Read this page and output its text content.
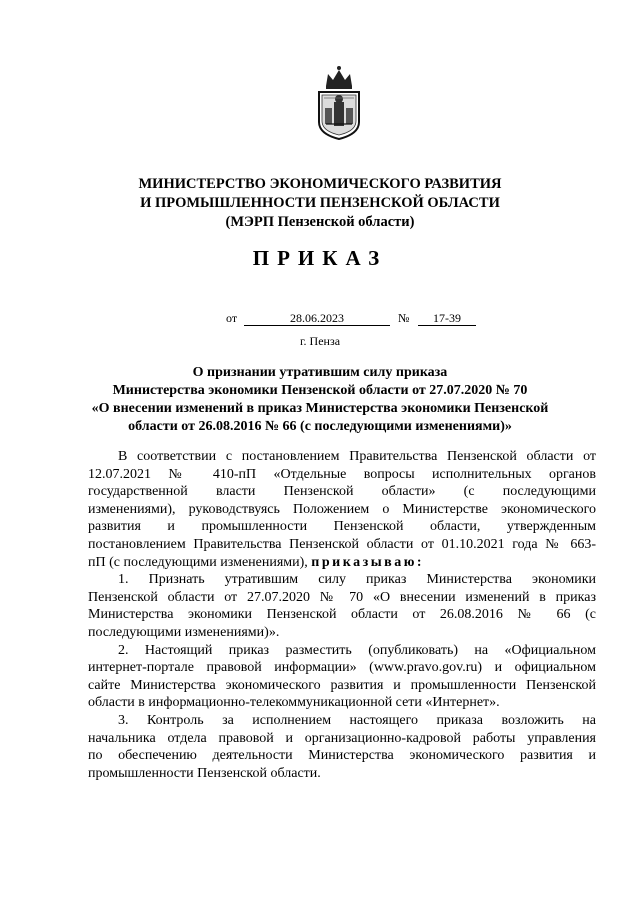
МИНИСТЕРСТВО ЭКОНОМИЧЕСКОГО РАЗВИТИЯ
И ПРОМЫШЛЕННОСТИ ПЕНЗЕНСКОЙ ОБЛАСТИ
(МЭРП Пензенской области)
ПРИКАЗ
от	28.06.2023	№	17-39
г. Пенза
О признании утратившим силу приказа
Министерства экономики Пензенской области от 27.07.2020 № 70
«О внесении изменений в приказ Министерства экономики Пензенской
области от 26.08.2016 № 66 (с последующими изменениями)»
В соответствии с постановлением Правительства Пензенской области от
12.07.2021 № 410-пП «Отдельные вопросы исполнительных органов
государственной власти Пензенской области» (с последующими
изменениями), руководствуясь Положением о Министерстве экономического
развития и промышленности Пензенской области, утвержденным
постановлением Правительства Пензенской области от 01.10.2021 года № 663-
пП (с последующими изменениями), приказываю:
1. Признать утратившим силу приказ Министерства экономики
Пензенской области от 27.07.2020 № 70 «О внесении изменений в приказ
Министерства экономики Пензенской области от 26.08.2016 № 66 (с
последующими изменениями)».
2. Настоящий приказ разместить (опубликовать) на «Официальном
интернет-портале правовой информации» (www.pravo.gov.ru) и официальном
сайте Министерства экономического развития и промышленности Пензенской
области в информационно-телекоммуникационной сети «Интернет».
3. Контроль за исполнением настоящего приказа возложить на
начальника отдела правовой и организационно-кадровой работы управления
по обеспечению деятельности Министерства экономического развития и
промышленности Пензенской области.
